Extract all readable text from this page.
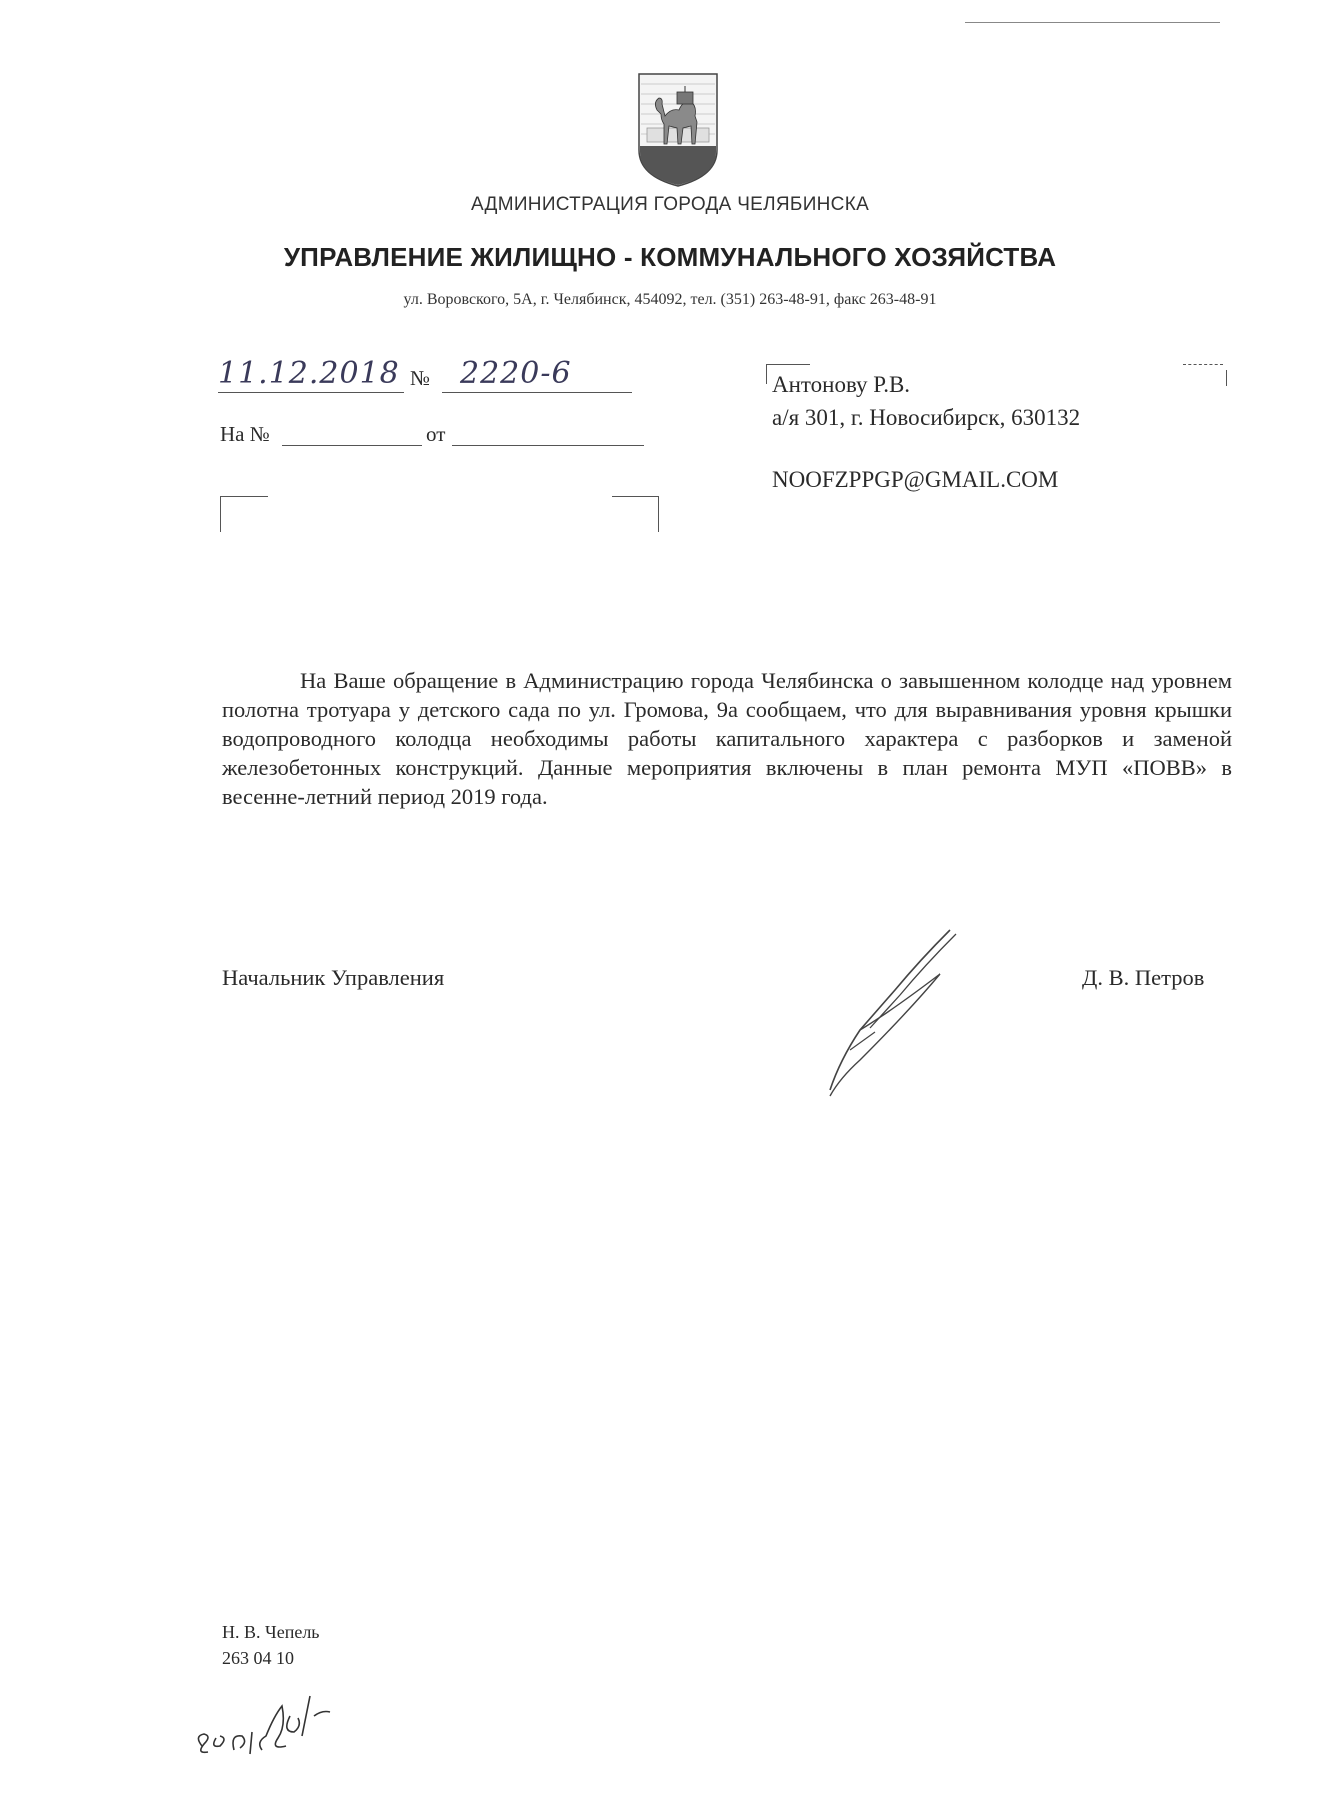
АДМИНИСТРАЦИЯ ГОРОДА ЧЕЛЯБИНСКА
УПРАВЛЕНИЕ ЖИЛИЩНО - КОММУНАЛЬНОГО ХОЗЯЙСТВА
ул. Воровского, 5А, г. Челябинск, 454092, тел. (351) 263-48-91, факс 263-48-91
11.12.2018 № 2220-6
На №	от
Антонову Р.В.
а/я 301, г. Новосибирск, 630132
NOOFZPPGP@GMAIL.COM
На Ваше обращение в Администрацию города Челябинска о завышенном колодце над уровнем полотна тротуара у детского сада по ул. Громова, 9а сообщаем, что для выравнивания уровня крышки водопроводного колодца необходимы работы капитального характера с разборков и заменой железобетонных конструкций. Данные мероприятия включены в план ремонта МУП «ПОВВ» в весенне-летний период 2019 года.
Начальник Управления	Д. В. Петров
Н. В. Чепель
263 04 10
